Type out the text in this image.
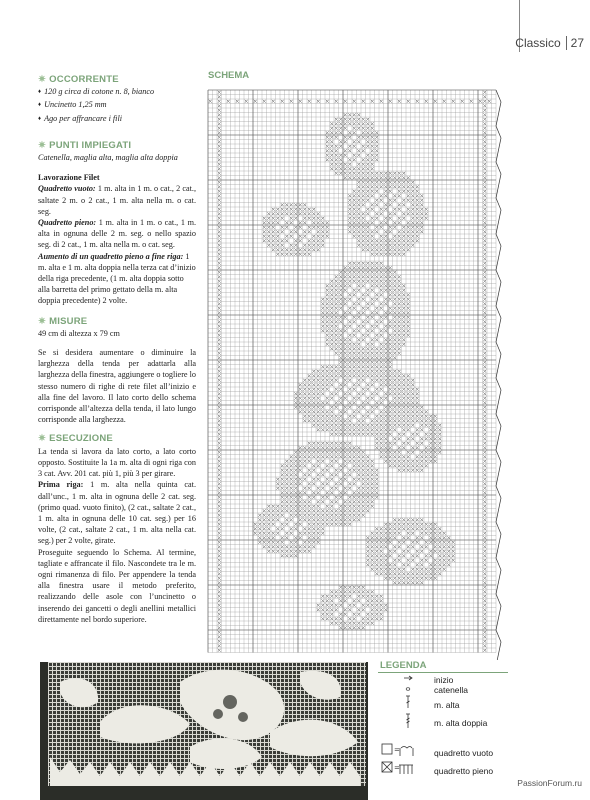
Classico 27
✷ OCCORRENTE
♦ 120 g circa di cotone n. 8, bianco
♦ Uncinetto 1,25 mm
♦ Ago per affrancare i fili
✷ PUNTI IMPIEGATI

Catenella, maglia alta, maglia alta doppia

Lavorazione Filet

Quadretto vuoto: 1 m. alta in 1 m. o cat., 2 cat., saltate 2 m. o 2 cat., 1 m. alta nella m. o cat. seg.

Quadretto pieno: 1 m. alta in 1 m. o cat., 1 m. alta in ognuna delle 2 m. seg. o nello spazio seg. di 2 cat., 1 m. alta nella m. o cat. seg.

Aumento di un quadretto pieno a fine riga: 1 m. alta e 1 m. alta doppia nella terza cat d’inizio della riga precedente, (1 m. alta doppia sotto alla barretta del primo gettato della m. alta doppia precedente) 2 volte.

✷ MISURE

49 cm di altezza x 79 cm

Se si desidera aumentare o diminuire la larghezza della tenda per adattarla alla larghezza della finestra, aggiungere o togliere lo stesso numero di righe di rete filet all’inizio e alla fine del lavoro. Il lato corto dello schema corrisponde all’altezza della tenda, il lato lungo corrisponde alla larghezza.

✷ ESECUZIONE

La tenda si lavora da lato corto, a lato corto opposto. Sostituite la 1a m. alta di ogni riga con 3 cat. Avv. 201 cat. più 1, più 3 per girare.

Prima riga: 1 m. alta nella quinta cat. dall’unc., 1 m. alta in ognuna delle 2 cat. seg. (primo quad. vuoto finito), (2 cat., saltate 2 cat., 1 m. alta in ognuna delle 10 cat. seg.) per 16 volte, (2 cat., saltate 2 cat., 1 m. alta nella cat. seg.) per 2 volte, girate.

Proseguite seguendo lo Schema. Al termine, tagliate e affrancate il filo. Nascondete tra le m. ogni rimanenza di filo. Per appendere la tenda alla finestra usare il metodo preferito, realizzando delle asole con l’uncinetto o inserendo dei gancetti o degli anellini metallici direttamente nel bordo superiore.

SCHEMA
LEGENDA
=
=
inizio
catenella
m. alta
m. alta doppia
quadretto vuoto
quadretto pieno
PassionForum.ru
